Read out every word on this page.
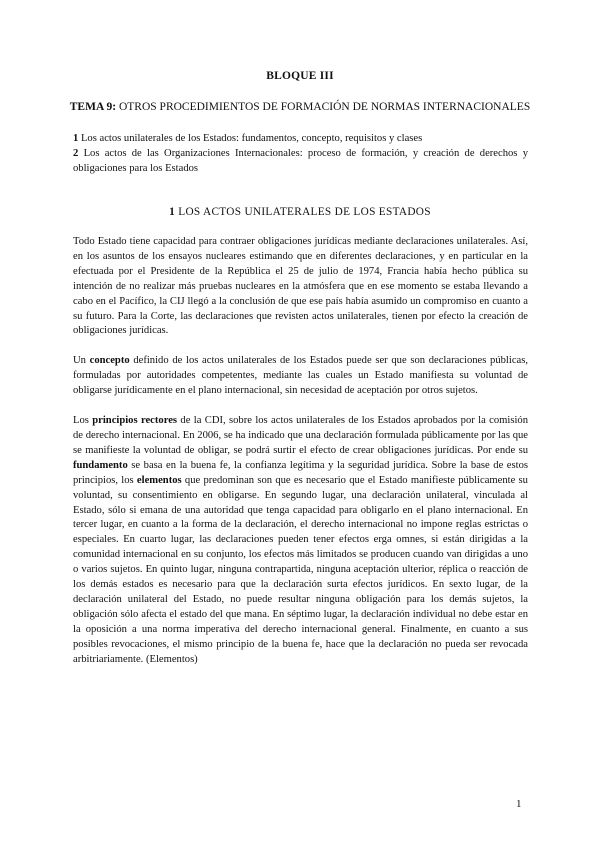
BLOQUE III
TEMA 9: OTROS PROCEDIMIENTOS DE FORMACIÓN DE NORMAS INTERNACIONALES

1 Los actos unilaterales de los Estados: fundamentos, concepto, requisitos y clases

2 Los actos de las Organizaciones Internacionales: proceso de formación, y creación de derechos y obligaciones para los Estados

1 LOS ACTOS UNILATERALES DE LOS ESTADOS

Todo Estado tiene capacidad para contraer obligaciones jurídicas mediante declaraciones unilaterales. Así, en los asuntos de los ensayos nucleares estimando que en diferentes declaraciones, y en particular en la efectuada por el Presidente de la República el 25 de julio de 1974, Francia había hecho pública su intención de no realizar más pruebas nucleares en la atmósfera que en ese momento se estaba llevando a cabo en el Pacífico, la CIJ llegó a la conclusión de que ese país había asumido un compromiso en cuanto a su futuro. Para la Corte, las declaraciones que revisten actos unilaterales, tienen por efecto la creación de obligaciones jurídicas.

Un concepto definido de los actos unilaterales de los Estados puede ser que son declaraciones públicas, formuladas por autoridades competentes, mediante las cuales un Estado manifiesta su voluntad de obligarse jurídicamente en el plano internacional, sin necesidad de aceptación por otros sujetos.

Los principios rectores de la CDI, sobre los actos unilaterales de los Estados aprobados por la comisión de derecho internacional. En 2006, se ha indicado que una declaración formulada públicamente por las que se manifieste la voluntad de obligar, se podrá surtir el efecto de crear obligaciones jurídicas. Por ende su fundamento se basa en la buena fe, la confianza legítima y la seguridad jurídica. Sobre la base de estos principios, los elementos que predominan son que es necesario que el Estado manifieste públicamente su voluntad, su consentimiento en obligarse. En segundo lugar, una declaración unilateral, vinculada al Estado, sólo si emana de una autoridad que tenga capacidad para obligarlo en el plano internacional. En tercer lugar, en cuanto a la forma de la declaración, el derecho internacional no impone reglas estrictas o especiales. En cuarto lugar, las declaraciones pueden tener efectos erga omnes, si están dirigidas a la comunidad internacional en su conjunto, los efectos más limitados se producen cuando van dirigidas a uno o varios sujetos. En quinto lugar, ninguna contrapartida, ninguna aceptación ulterior, réplica o reacción de los demás estados es necesario para que la declaración surta efectos jurídicos. En sexto lugar, de la declaración unilateral del Estado, no puede resultar ninguna obligación para los demás sujetos, la obligación sólo afecta el estado del que mana. En séptimo lugar, la declaración individual no debe estar en la oposición a una norma imperativa del derecho internacional general. Finalmente, en cuanto a sus posibles revocaciones, el mismo principio de la buena fe, hace que la declaración no pueda ser revocada arbitriariamente. (Elementos)

1
